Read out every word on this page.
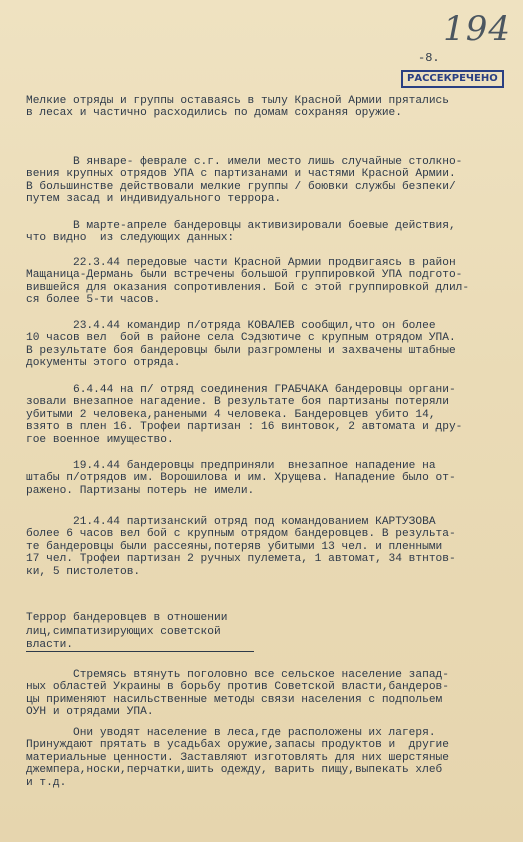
194
-8.
РАССЕКРЕЧЕНО

Мелкие отряды и группы оставаясь в тылу Красной Армии прятались
в лесах и частично расходились по домам сохраняя оружие.

В январе- феврале с.г. имели место лишь случайные столкно-
вения крупных отрядов УПА с партизанами и частями Красной Армии.
В большинстве действовали мелкие группы / боювки службы безпеки/
путем засад и индивидуального террора.

В марте-апреле бандеровцы активизировали боевые действия,
что видно  из следующих данных:

22.3.44 передовые части Красной Армии продвигаясь в район
Мащаница-Дермань были встречены большой группировкой УПА подгото-
вившейся для оказания сопротивления. Бой с этой группировкой длил-
ся более 5-ти часов.

23.4.44 командир п/отряда КОВАЛЕВ сообщил,что он более
10 часов вел  бой в районе села Сэдзютиче с крупным отрядом УПА.
В результате боя бандеровцы были разгромлены и захвачены штабные
документы этого отряда.

6.4.44 на п/ отряд соединения ГРАБЧАКА бандеровцы органи-
зовали внезапное нагадение. В результате боя партизаны потеряли
убитыми 2 человека,ранеными 4 человека. Бандеровцев убито 14,
взято в плен 16. Трофеи партизан : 16 винтовок, 2 автомата и дру-
гое военное имущество.

19.4.44 бандеровцы предприняли  внезапное нападение на
штабы п/отрядов им. Ворошилова и им. Хрущева. Нападение было от-
ражено. Партизаны потерь не имели.

21.4.44 партизанский отряд под командованием КАРТУЗОВА
более 6 часов вел бой с крупным отрядом бандеровцев. В результа-
те бандеровцы были рассеяны,потеряв убитыми 13 чел. и пленными
17 чел. Трофеи партизан 2 ручных пулемета, 1 автомат, 34 втнтов-
ки, 5 пистолетов.

Террор бандеровцев в отношении
лиц,симпатизирующих советской
власти.

Стремясь втянуть поголовно все сельское население запад-
ных областей Украины в борьбу против Советской власти,бандеров-
цы применяют насильственные методы связи населения с подпольем
ОУН и отрядами УПА.

Они уводят население в леса,где расположены их лагеря.
Принуждают прятать в усадьбах оружие,запасы продуктов и  другие
материальные ценности. Заставляют изготовлять для них шерстяные
джемпера,носки,перчатки,шить одежду, варить пищу,выпекать хлеб
и т.д.
